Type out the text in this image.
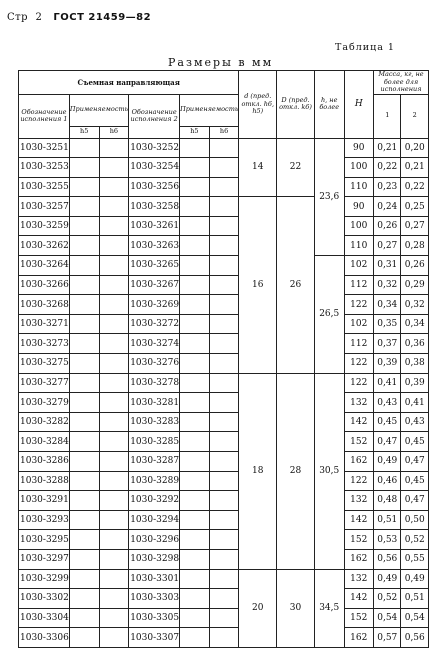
Стр 2 ГОСТ 21459—82
Таблица 1
Размеры в мм
Съемная направляющая						d (пред. откл. h6, h5)	D (пред. откл. k6)	h, не более	H	Масса, кг, не более для исполнения	
Обозначение исполнения 1	Применяемость		Обозначение исполнения 2	Применяемость						1	2
	h5	h6		h5	h6						
1030-3251			1030-3252			14	22	23,6	90	0,21	0,20
1030-3253			1030-3254						100	0,22	0,21
1030-3255			1030-3256						110	0,23	0,22
1030-3257			1030-3258			16	26		90	0,24	0,25
1030-3259			1030-3261						100	0,26	0,27
1030-3262			1030-3263						110	0,27	0,28
1030-3264			1030-3265					26,5	102	0,31	0,26
1030-3266			1030-3267						112	0,32	0,29
1030-3268			1030-3269						122	0,34	0,32
1030-3271			1030-3272						102	0,35	0,34
1030-3273			1030-3274						112	0,37	0,36
1030-3275			1030-3276						122	0,39	0,38
1030-3277			1030-3278			18	28	30,5	122	0,41	0,39
1030-3279			1030-3281						132	0,43	0,41
1030-3282			1030-3283						142	0,45	0,43
1030-3284			1030-3285						152	0,47	0,45
1030-3286			1030-3287						162	0,49	0,47
1030-3288			1030-3289						122	0,46	0,45
1030-3291			1030-3292						132	0,48	0,47
1030-3293			1030-3294						142	0,51	0,50
1030-3295			1030-3296						152	0,53	0,52
1030-3297			1030-3298						162	0,56	0,55
1030-3299			1030-3301			20	30	34,5	132	0,49	0,49
1030-3302			1030-3303						142	0,52	0,51
1030-3304			1030-3305						152	0,54	0,54
1030-3306			1030-3307						162	0,57	0,56
